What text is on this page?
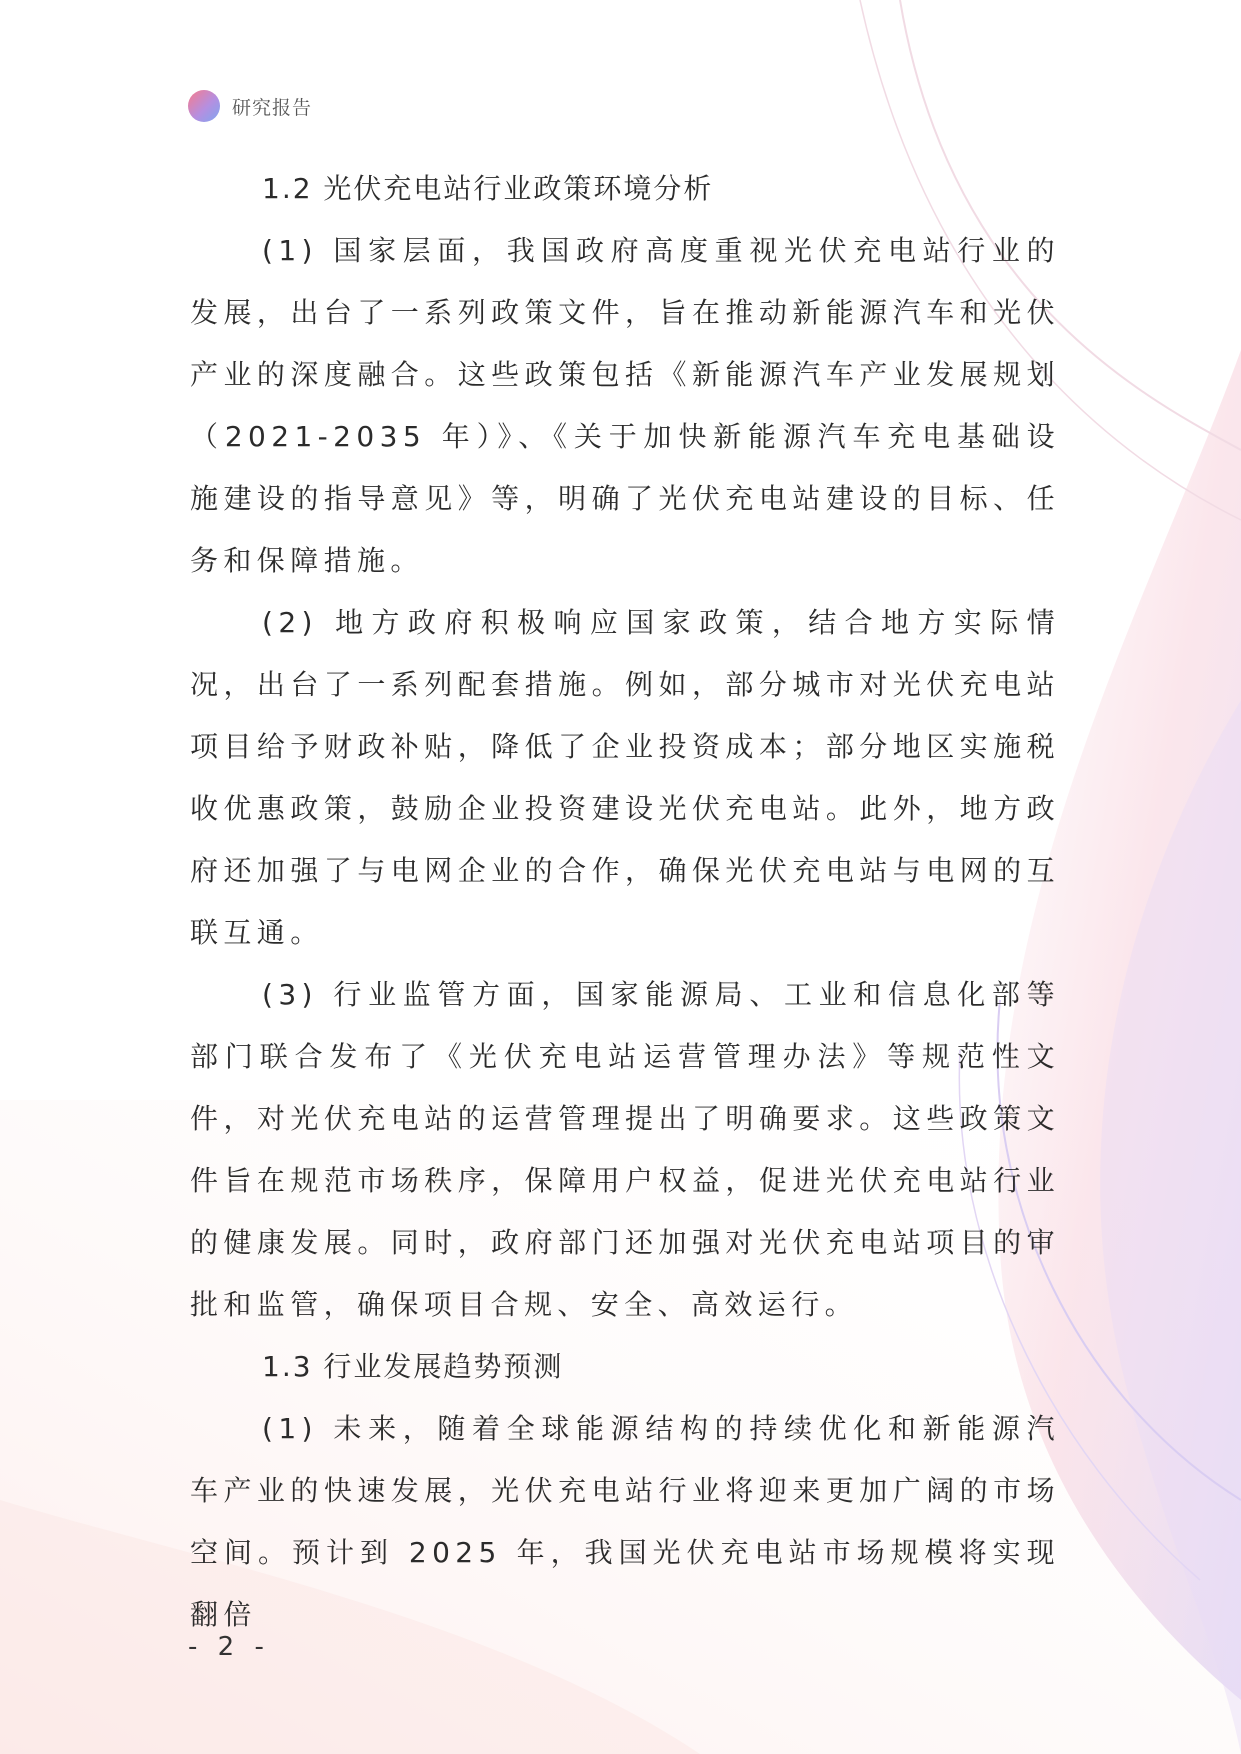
研究报告
1.2 光伏充电站行业政策环境分析

(1) 国家层面，我国政府高度重视光伏充电站行业的发展，出台了一系列政策文件，旨在推动新能源汽车和光伏产业的深度融合。这些政策包括《新能源汽车产业发展规划（2021-2035 年）》、《关于加快新能源汽车充电基础设施建设的指导意见》等，明确了光伏充电站建设的目标、任务和保障措施。

(2) 地方政府积极响应国家政策，结合地方实际情况，出台了一系列配套措施。例如，部分城市对光伏充电站项目给予财政补贴，降低了企业投资成本；部分地区实施税收优惠政策，鼓励企业投资建设光伏充电站。此外，地方政府还加强了与电网企业的合作，确保光伏充电站与电网的互联互通。

(3) 行业监管方面，国家能源局、工业和信息化部等部门联合发布了《光伏充电站运营管理办法》等规范性文件，对光伏充电站的运营管理提出了明确要求。这些政策文件旨在规范市场秩序，保障用户权益，促进光伏充电站行业的健康发展。同时，政府部门还加强对光伏充电站项目的审批和监管，确保项目合规、安全、高效运行。

1.3 行业发展趋势预测

(1) 未来，随着全球能源结构的持续优化和新能源汽车产业的快速发展，光伏充电站行业将迎来更加广阔的市场空间。预计到 2025 年，我国光伏充电站市场规模将实现翻倍

- 2 -
